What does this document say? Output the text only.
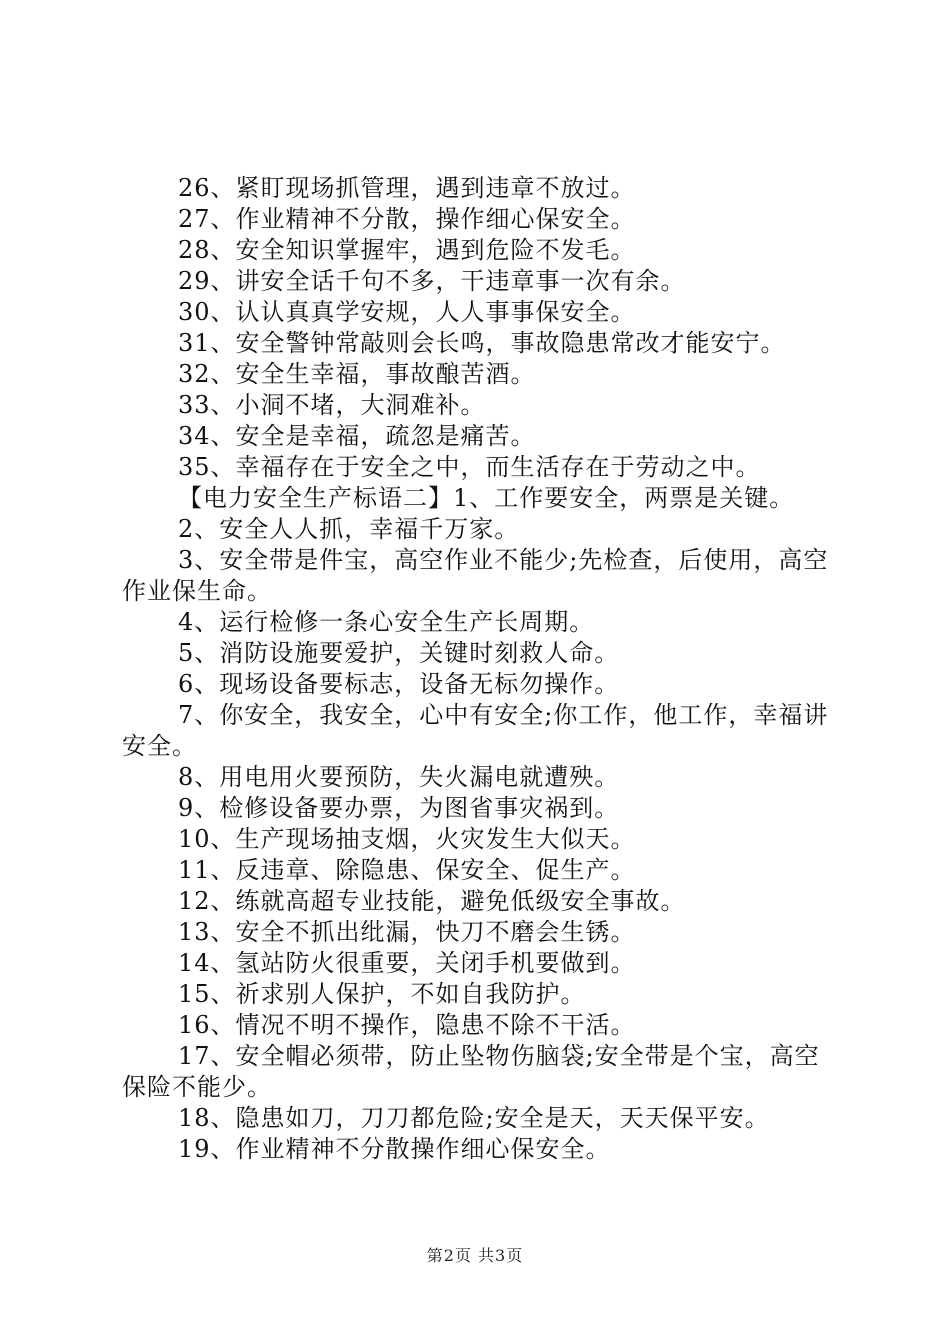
26、紧盯现场抓管理，遇到违章不放过。

27、作业精神不分散，操作细心保安全。

28、安全知识掌握牢，遇到危险不发毛。

29、讲安全话千句不多，干违章事一次有余。

30、认认真真学安规，人人事事保安全。

31、安全警钟常敲则会长鸣，事故隐患常改才能安宁。

32、安全生幸福，事故酿苦酒。

33、小洞不堵，大洞难补。

34、安全是幸福，疏忽是痛苦。

35、幸福存在于安全之中，而生活存在于劳动之中。

【电力安全生产标语二】1、工作要安全，两票是关键。

2、安全人人抓，幸福千万家。

3、安全带是件宝，高空作业不能少;先检查，后使用，高空作业保生命。

4、运行检修一条心安全生产长周期。

5、消防设施要爱护，关键时刻救人命。

6、现场设备要标志，设备无标勿操作。

7、你安全，我安全，心中有安全;你工作，他工作，幸福讲安全。

8、用电用火要预防，失火漏电就遭殃。

9、检修设备要办票，为图省事灾祸到。

10、生产现场抽支烟，火灾发生大似天。

11、反违章、除隐患、保安全、促生产。

12、练就高超专业技能，避免低级安全事故。

13、安全不抓出纰漏，快刀不磨会生锈。

14、氢站防火很重要，关闭手机要做到。

15、祈求别人保护，不如自我防护。

16、情况不明不操作，隐患不除不干活。

17、安全帽必须带，防止坠物伤脑袋;安全带是个宝，高空保险不能少。

18、隐患如刀，刀刀都危险;安全是天，天天保平安。

19、作业精神不分散操作细心保安全。

第2页 共3页
